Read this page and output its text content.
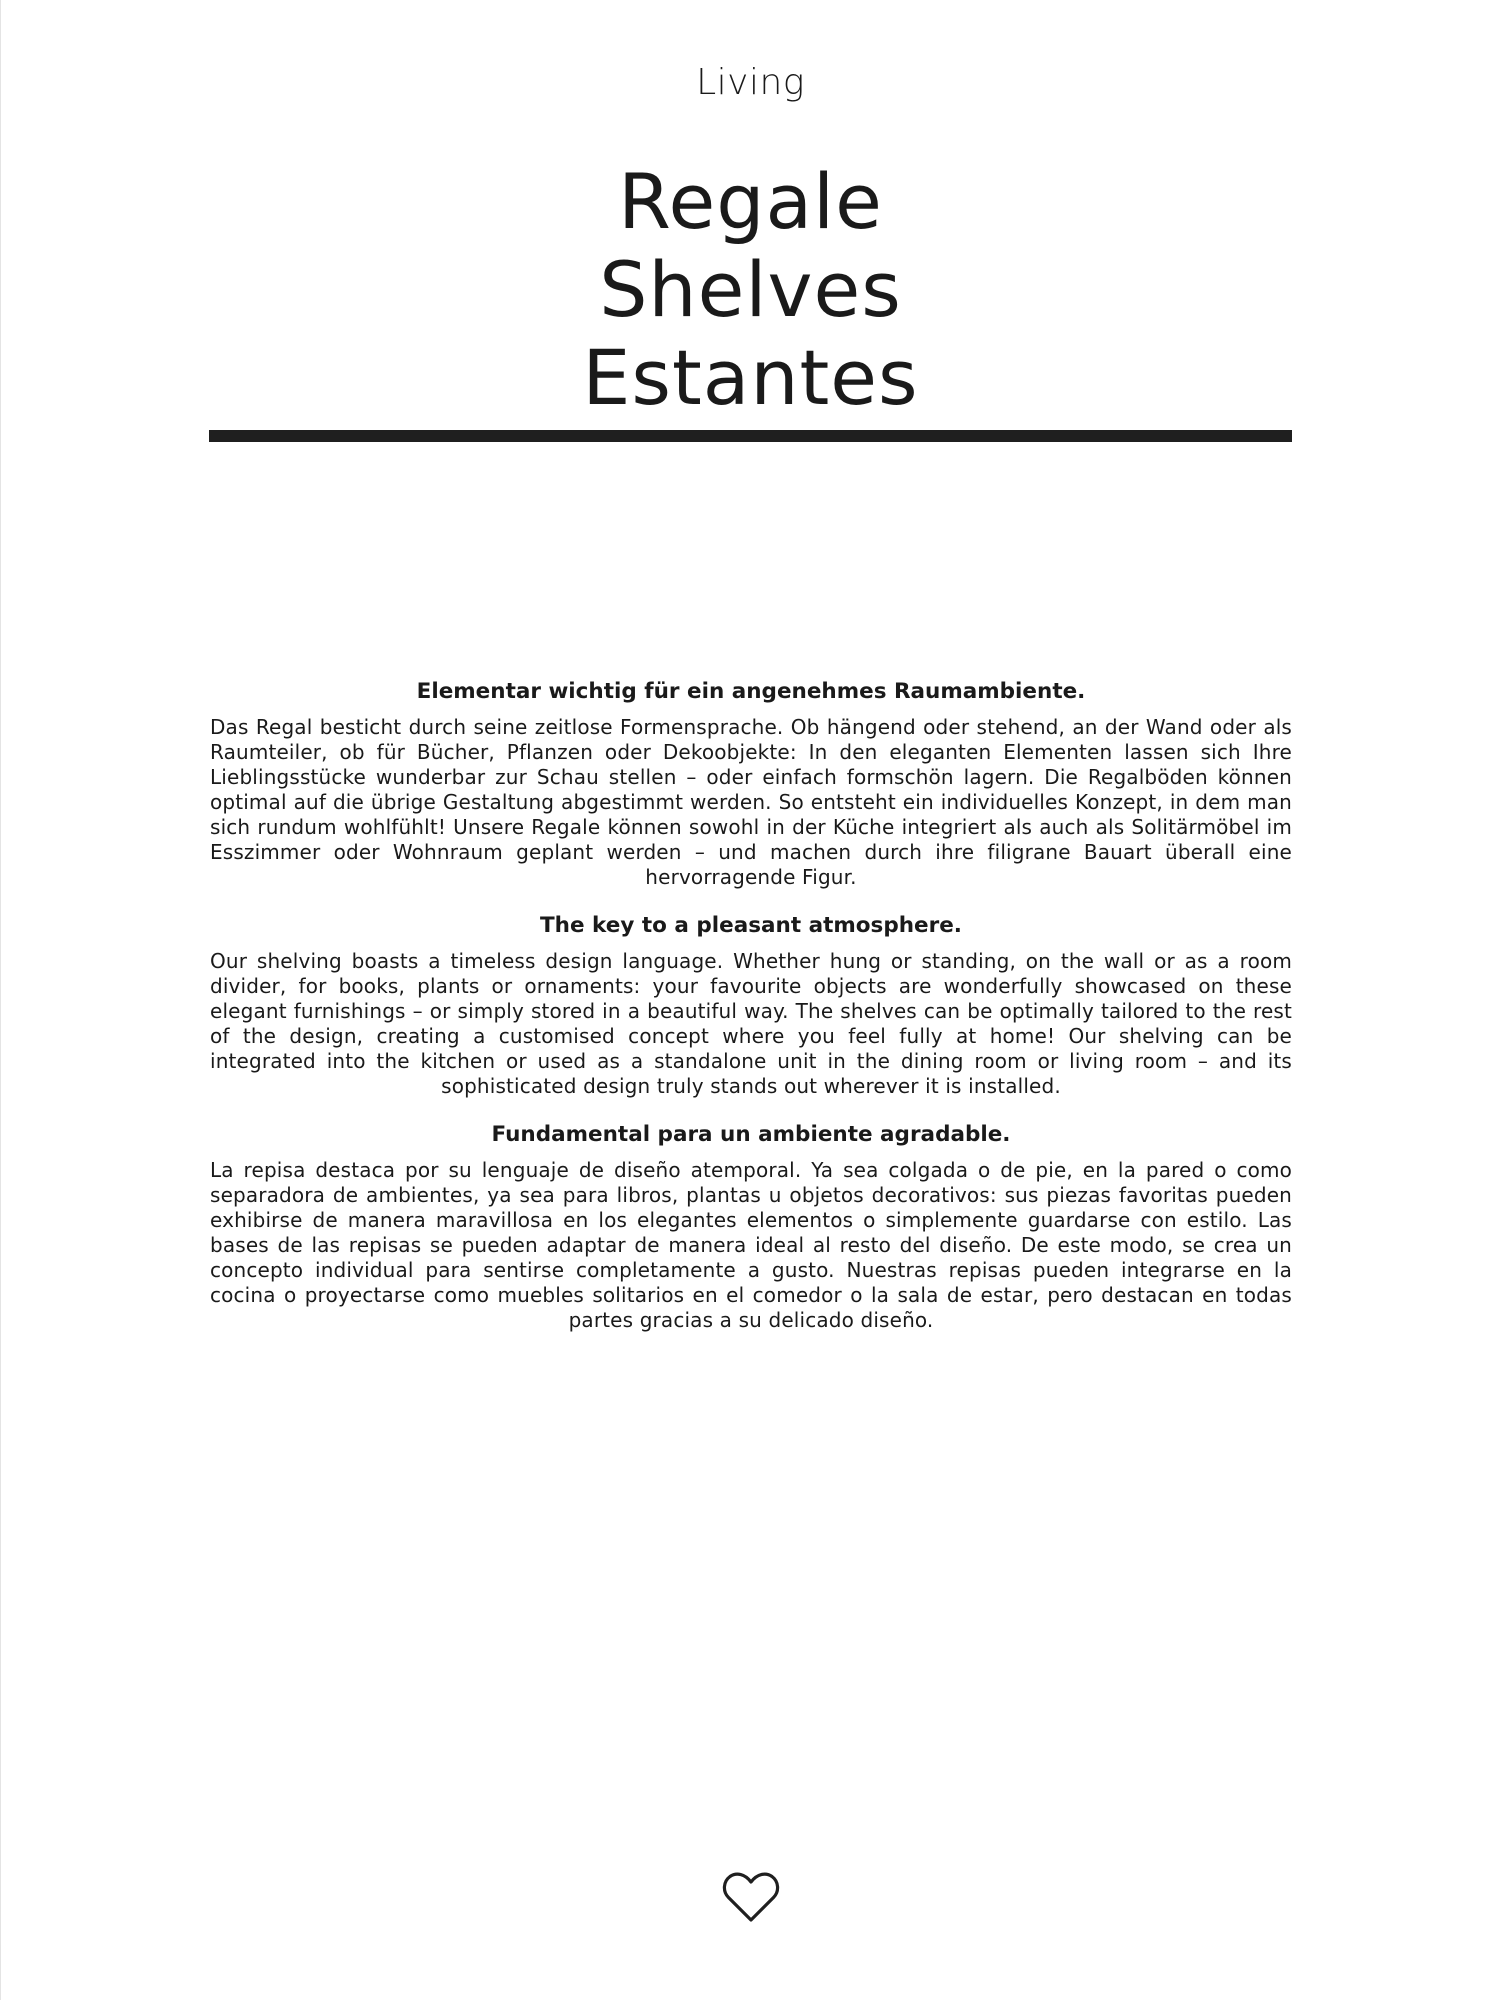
Living
Regale
Shelves
Estantes
Elementar wichtig für ein angenehmes Raumambiente.

Das Regal besticht durch seine zeitlose Formensprache. Ob hängend oder stehend, an der Wand oder als Raumteiler, ob für Bücher, Pflanzen oder Dekoobjekte: In den eleganten Elementen lassen sich Ihre Lieblingsstücke wunderbar zur Schau stellen – oder einfach formschön lagern. Die Regalböden können optimal auf die übrige Gestaltung abgestimmt werden. So entsteht ein individuelles Konzept, in dem man sich rundum wohlfühlt! Unsere Regale können sowohl in der Küche integriert als auch als Solitärmöbel im Esszimmer oder Wohnraum geplant werden – und machen durch ihre filigrane Bauart überall eine hervorragende Figur.

The key to a pleasant atmosphere.

Our shelving boasts a timeless design language. Whether hung or standing, on the wall or as a room divider, for books, plants or ornaments: your favourite objects are wonderfully showcased on these elegant furnishings – or simply stored in a beautiful way. The shelves can be optimally tailored to the rest of the design, creating a customised concept where you feel fully at home! Our shelving can be integrated into the kitchen or used as a standalone unit in the dining room or living room – and its sophisticated design truly stands out wherever it is installed.

Fundamental para un ambiente agradable.

La repisa destaca por su lenguaje de diseño atemporal. Ya sea colgada o de pie, en la pared o como separadora de ambientes, ya sea para libros, plantas u objetos decorativos: sus piezas favoritas pueden exhibirse de manera maravillosa en los elegantes elementos o simplemente guardarse con estilo. Las bases de las repisas se pueden adaptar de manera ideal al resto del diseño. De este modo, se crea un concepto individual para sentirse completamente a gusto. Nuestras repisas pueden integrarse en la cocina o proyectarse como muebles solitarios en el comedor o la sala de estar, pero destacan en todas partes gracias a su delicado diseño.
